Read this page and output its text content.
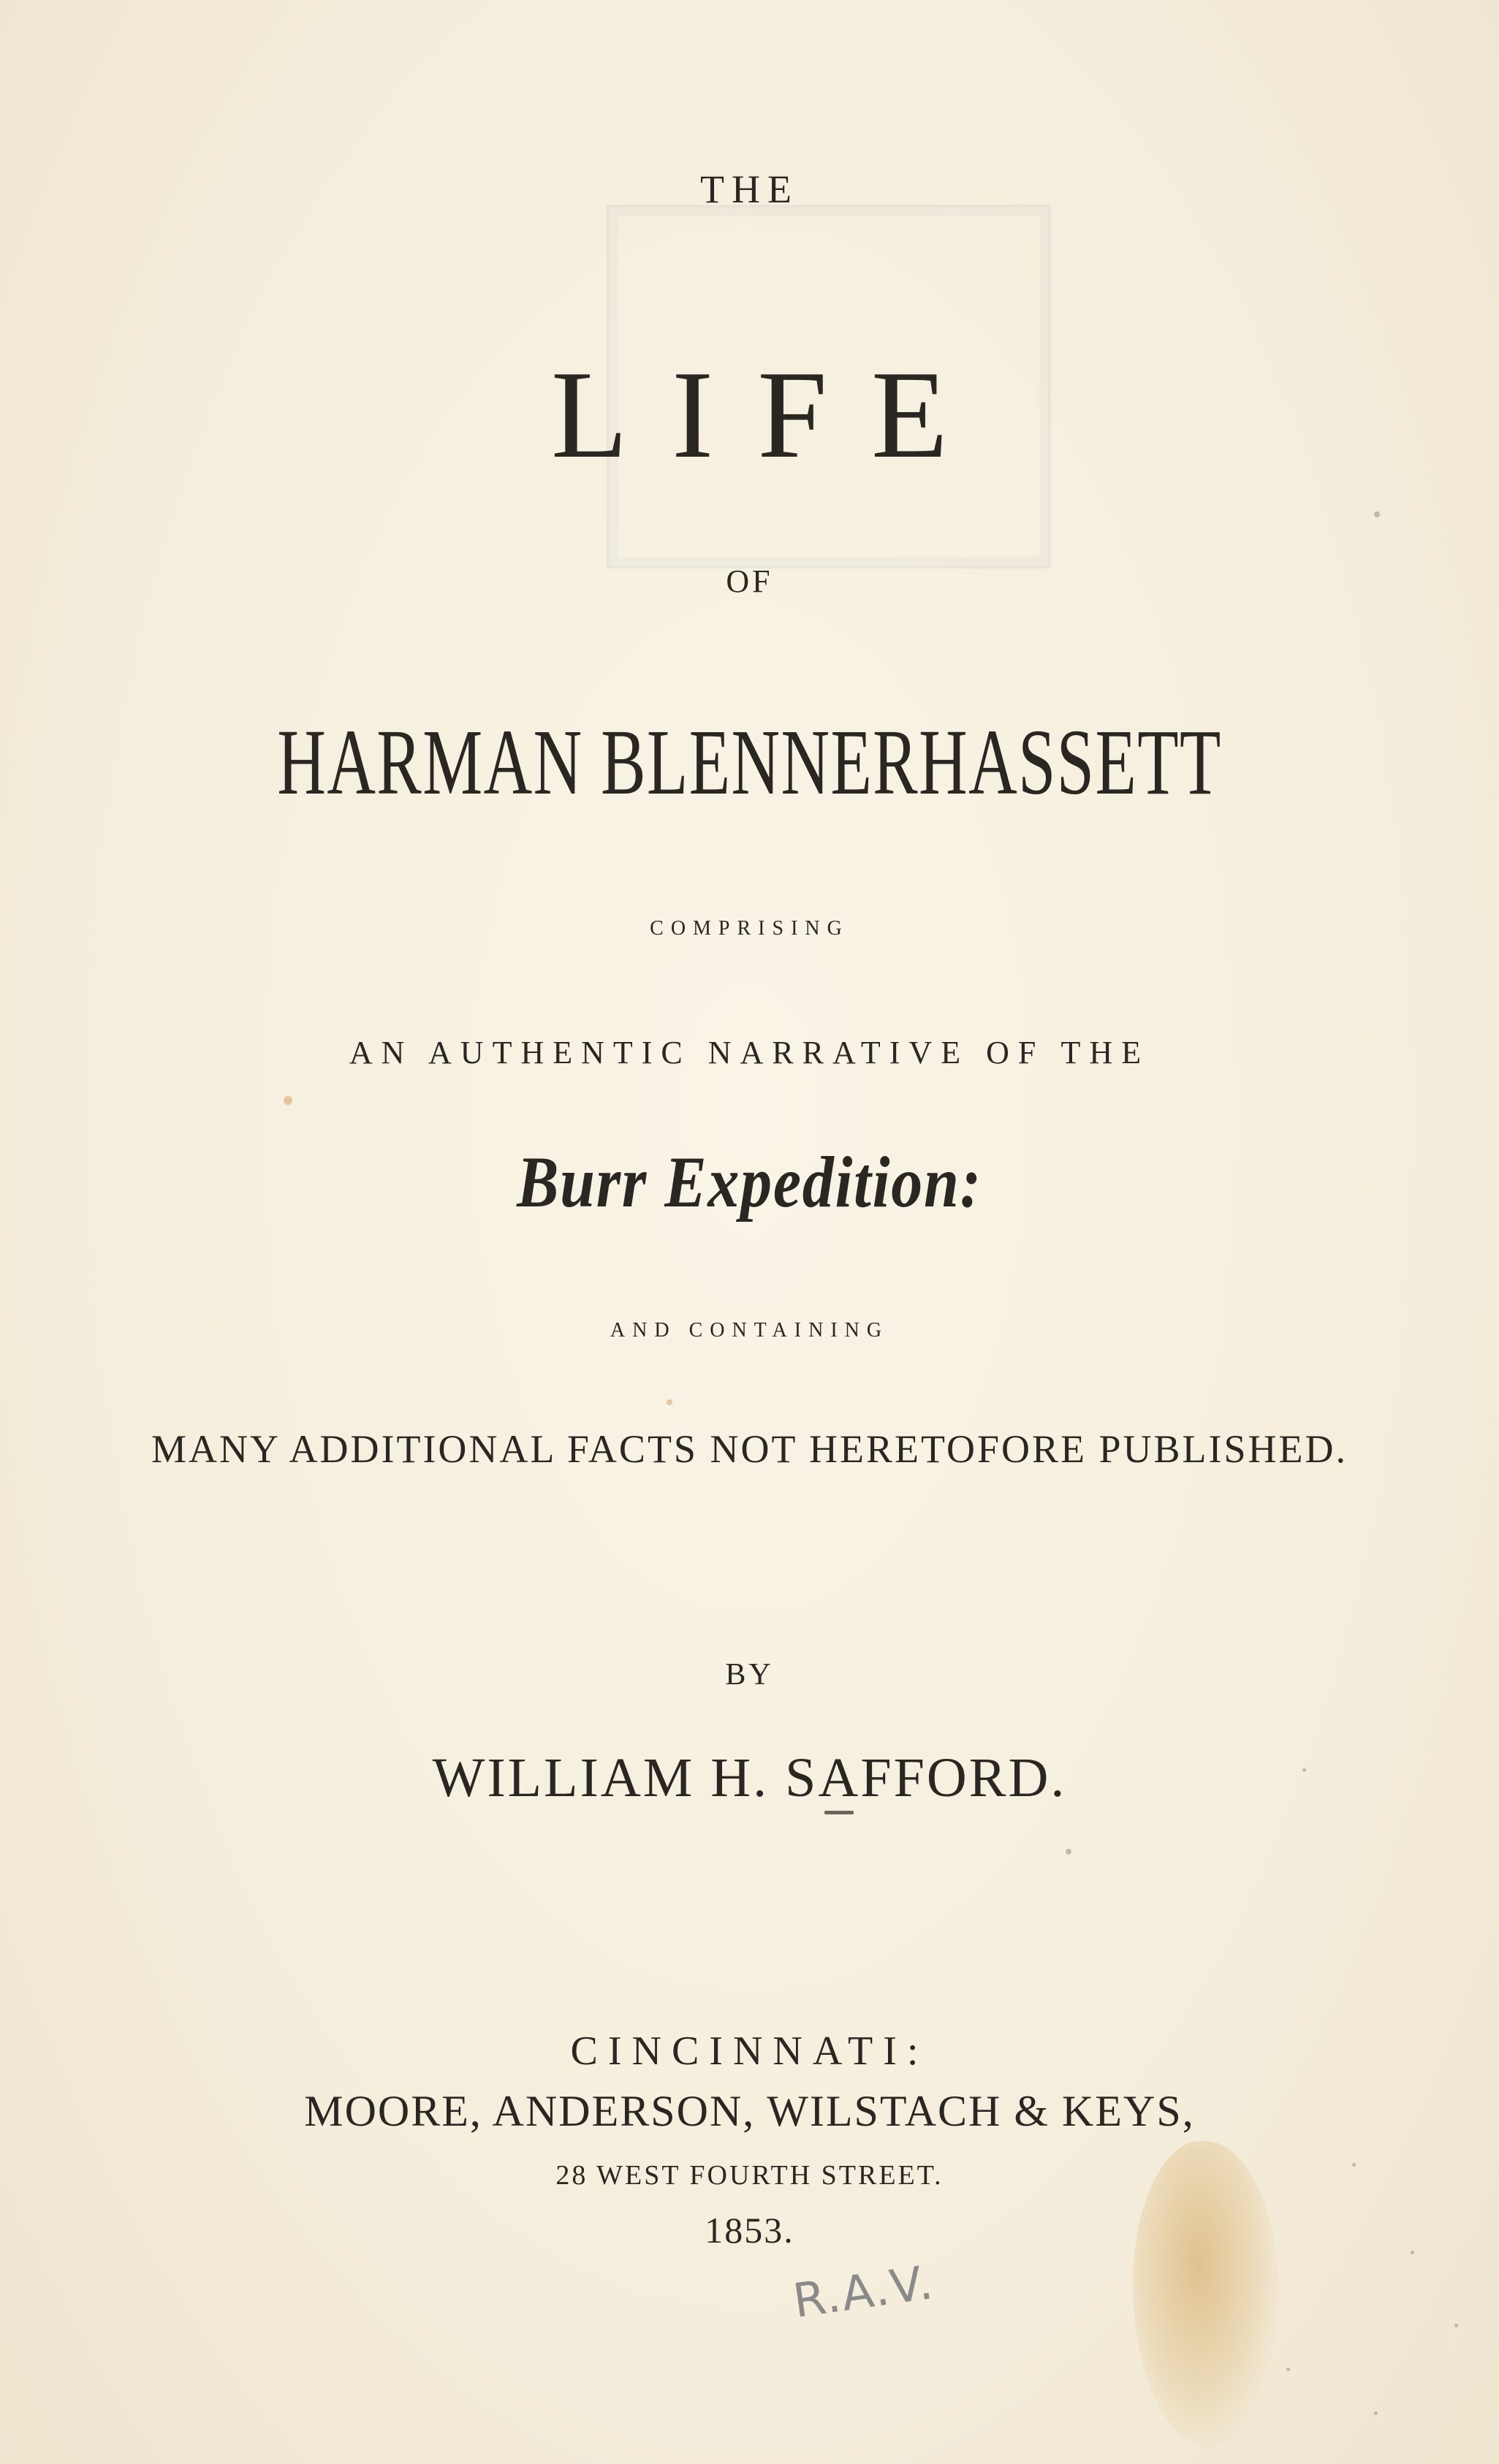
THE
LIFE
OF
HARMAN BLENNERHASSETT
COMPRISING
AN AUTHENTIC NARRATIVE OF THE
Burr Expedition:
AND CONTAINING
MANY ADDITIONAL FACTS NOT HERETOFORE PUBLISHED.
BY
WILLIAM H. SAFFORD.
CINCINNATI:
MOORE, ANDERSON, WILSTACH & KEYS,
28 WEST FOURTH STREET.
1853.
R.A.V.
